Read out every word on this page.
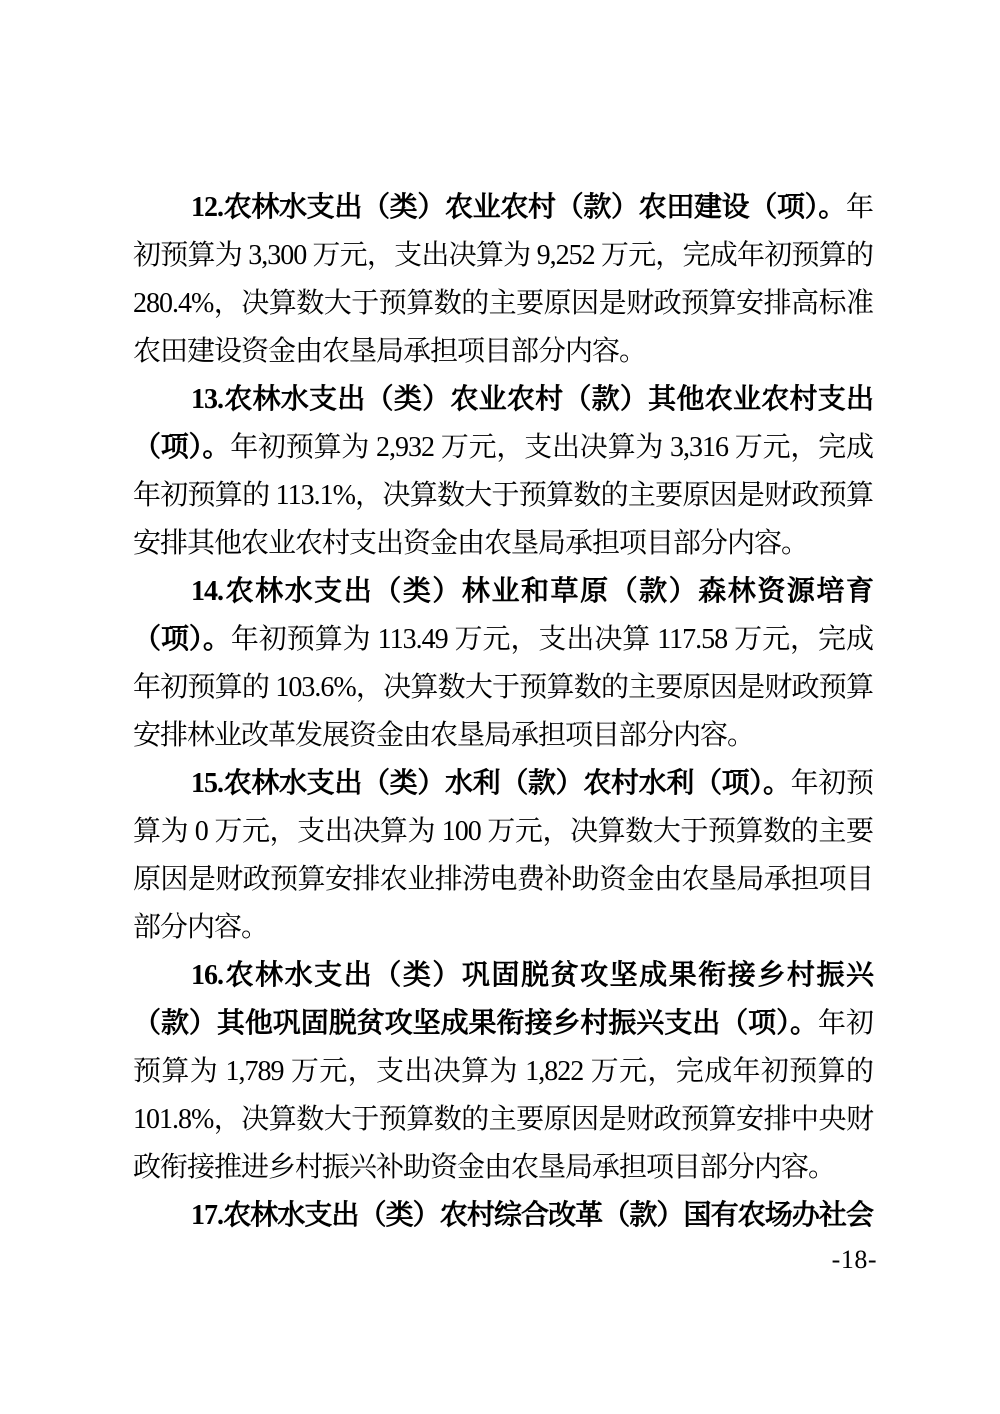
12.农林水支出（类）农业农村（款）农田建设（项）。年初预算为 3,300 万元，支出决算为 9,252 万元，完成年初预算的 280.4%，决算数大于预算数的主要原因是财政预算安排高标准农田建设资金由农垦局承担项目部分内容。

13.农林水支出（类）农业农村（款）其他农业农村支出（项）。年初预算为 2,932 万元，支出决算为 3,316 万元，完成年初预算的 113.1%，决算数大于预算数的主要原因是财政预算安排其他农业农村支出资金由农垦局承担项目部分内容。

14.农林水支出（类）林业和草原（款）森林资源培育（项）。年初预算为 113.49 万元，支出决算 117.58 万元，完成年初预算的 103.6%，决算数大于预算数的主要原因是财政预算安排林业改革发展资金由农垦局承担项目部分内容。

15.农林水支出（类）水利（款）农村水利（项）。年初预算为 0 万元，支出决算为 100 万元，决算数大于预算数的主要原因是财政预算安排农业排涝电费补助资金由农垦局承担项目部分内容。

16.农林水支出（类）巩固脱贫攻坚成果衔接乡村振兴（款）其他巩固脱贫攻坚成果衔接乡村振兴支出（项）。年初预算为 1,789 万元，支出决算为 1,822 万元，完成年初预算的 101.8%，决算数大于预算数的主要原因是财政预算安排中央财政衔接推进乡村振兴补助资金由农垦局承担项目部分内容。

17.农林水支出（类）农村综合改革（款）国有农场办社会

-18-
